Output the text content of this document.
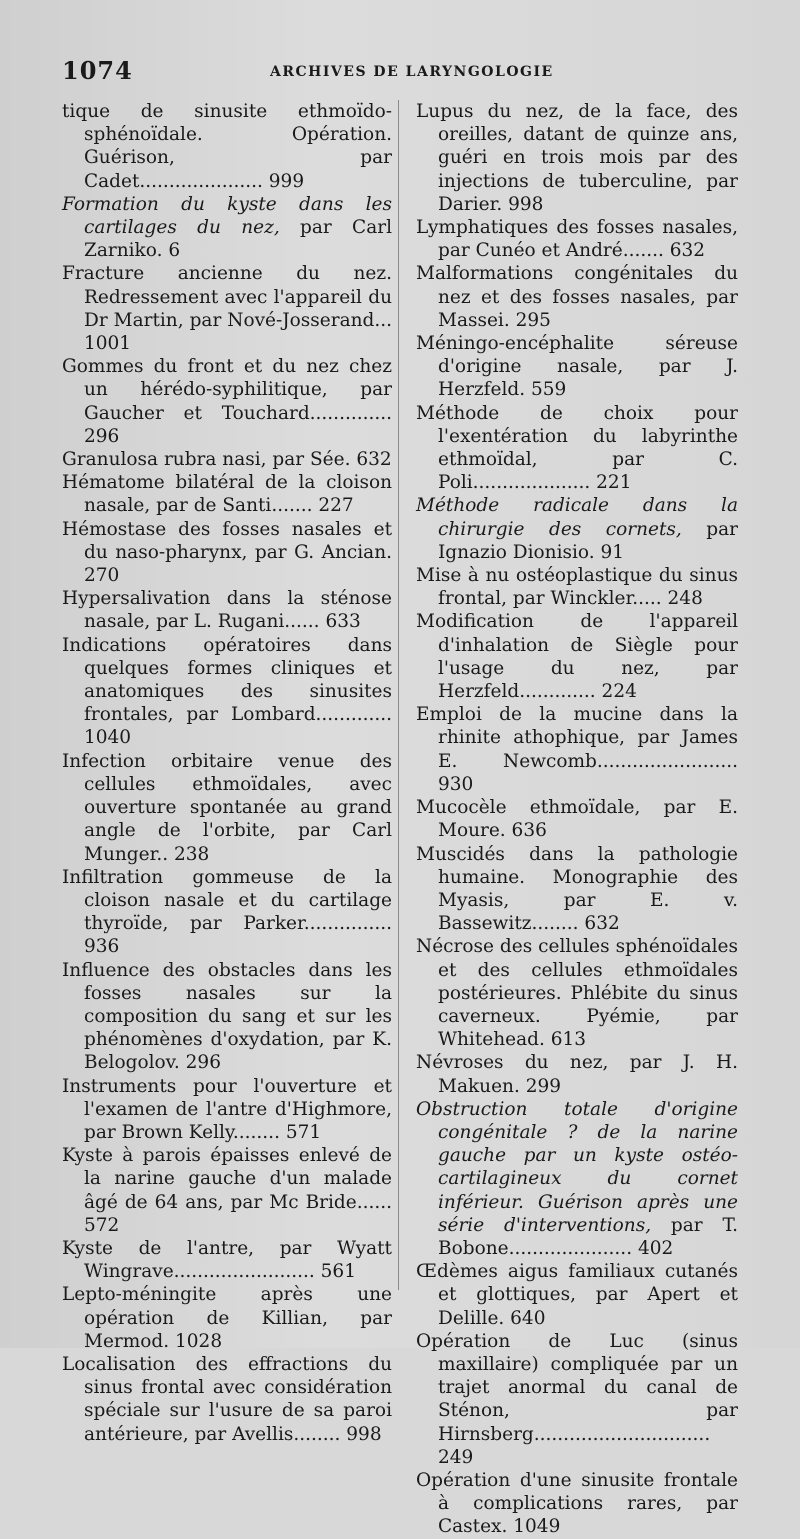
1074	ARCHIVES DE LARYNGOLOGIE

tique de sinusite ethmoïdo-sphénoïdale. Opération. Guérison, par Cadet..................... 999

Formation du kyste dans les cartilages du nez, par Carl Zarniko. 6

Fracture ancienne du nez. Redressement avec l'appareil du Dr Martin, par Nové-Josserand... 1001

Gommes du front et du nez chez un hérédo-syphilitique, par Gaucher et Touchard.............. 296

Granulosa rubra nasi, par Sée. 632

Hématome bilatéral de la cloison nasale, par de Santi....... 227

Hémostase des fosses nasales et du naso-pharynx, par G. Ancian. 270

Hypersalivation dans la sténose nasale, par L. Rugani...... 633

Indications opératoires dans quelques formes cliniques et anatomiques des sinusites frontales, par Lombard............. 1040

Infection orbitaire venue des cellules ethmoïdales, avec ouverture spontanée au grand angle de l'orbite, par Carl Munger.. 238

Infiltration gommeuse de la cloison nasale et du cartilage thyroïde, par Parker............... 936

Influence des obstacles dans les fosses nasales sur la composition du sang et sur les phénomènes d'oxydation, par K. Belogolov. 296

Instruments pour l'ouverture et l'examen de l'antre d'Highmore, par Brown Kelly........ 571

Kyste à parois épaisses enlevé de la narine gauche d'un malade âgé de 64 ans, par Mc Bride...... 572

Kyste de l'antre, par Wyatt Wingrave........................ 561

Lepto-méningite après une opération de Killian, par Mermod. 1028

Localisation des effractions du sinus frontal avec considération spéciale sur l'usure de sa paroi antérieure, par Avellis........ 998

Lupus du nez, de la face, des oreilles, datant de quinze ans, guéri en trois mois par des injections de tuberculine, par Darier. 998

Lymphatiques des fosses nasales, par Cunéo et André....... 632

Malformations congénitales du nez et des fosses nasales, par Massei. 295

Méningo-encéphalite séreuse d'origine nasale, par J. Herzfeld. 559

Méthode de choix pour l'exentération du labyrinthe ethmoïdal, par C. Poli.................... 221

Méthode radicale dans la chirurgie des cornets, par Ignazio Dionisio. 91

Mise à nu ostéoplastique du sinus frontal, par Winckler..... 248

Modification de l'appareil d'inhalation de Siègle pour l'usage du nez, par Herzfeld............. 224

Emploi de la mucine dans la rhinite athophique, par James E. Newcomb........................ 930

Mucocèle ethmoïdale, par E. Moure. 636

Muscidés dans la pathologie humaine. Monographie des Myasis, par E. v. Bassewitz........ 632

Nécrose des cellules sphénoïdales et des cellules ethmoïdales postérieures. Phlébite du sinus caverneux. Pyémie, par Whitehead. 613

Névroses du nez, par J. H. Makuen. 299

Obstruction totale d'origine congénitale ? de la narine gauche par un kyste ostéo-cartilagineux du cornet inférieur. Guérison après une série d'interventions, par T. Bobone..................... 402

Œdèmes aigus familiaux cutanés et glottiques, par Apert et Delille. 640

Opération de Luc (sinus maxillaire) compliquée par un trajet anormal du canal de Sténon, par Hirnsberg.............................. 249

Opération d'une sinusite frontale à complications rares, par Castex. 1049
